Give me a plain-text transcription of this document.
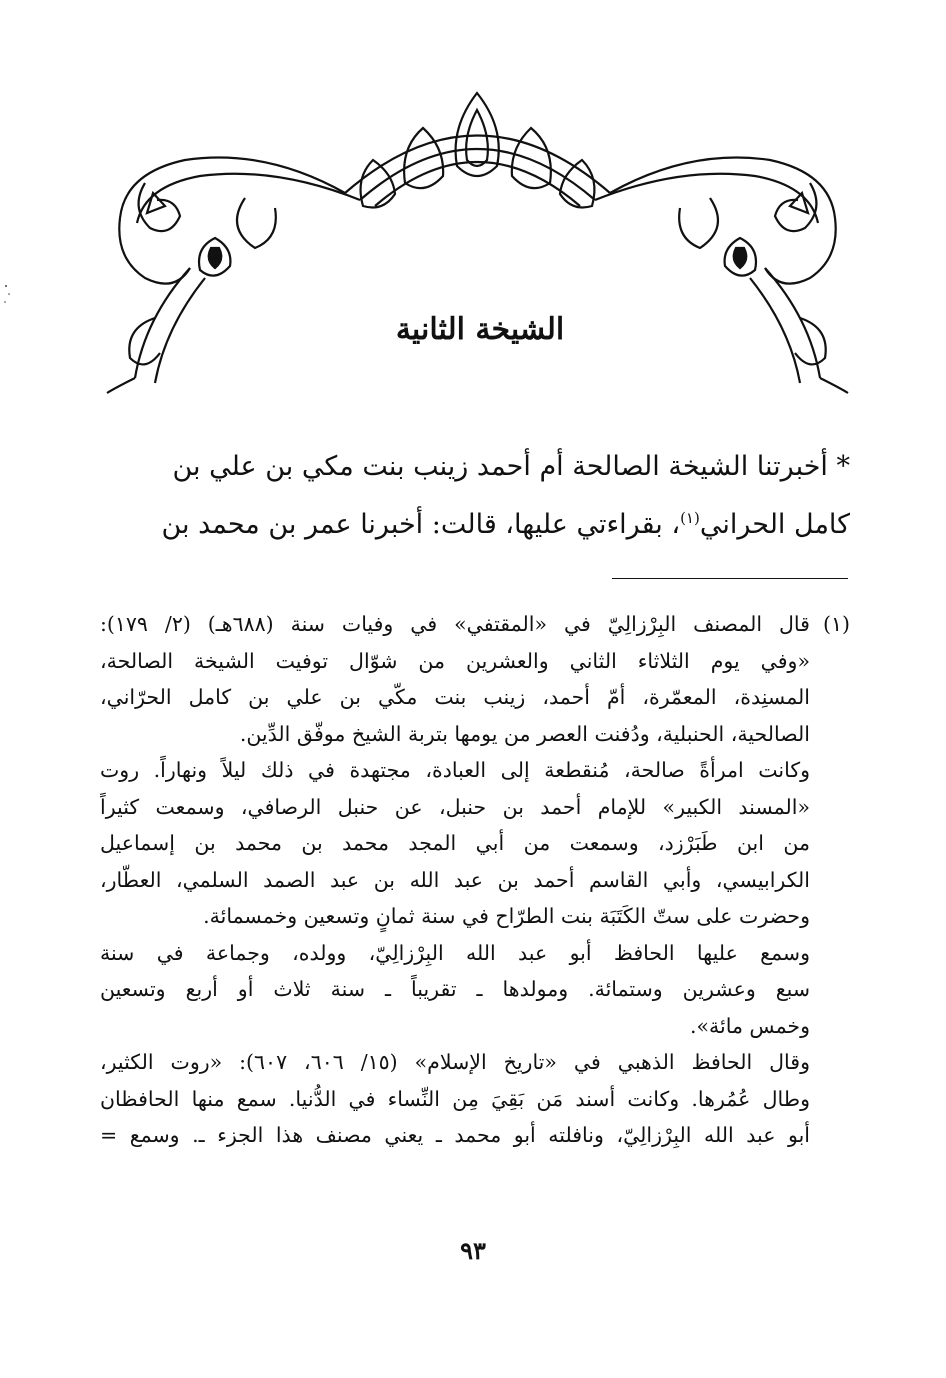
الشيخة الثانية
* أخبرتنا الشيخة الصالحة أم أحمد زينب بنت مكي بن علي بن
كامل الحراني$^{(١)}$، بقراءتي عليها، قالت: أخبرنا عمر بن محمد بن
(١)
قال المصنف البِرْزالِيّ في «المقتفي» في وفيات سنة (٦٨٨هـ) (٢/ ١٧٩):
«وفي يوم الثلاثاء الثاني والعشرين من شوّال توفيت الشيخة الصالحة،
المسنِدة، المعمّرة، أمّ أحمد، زينب بنت مكّي بن علي بن كامل الحرّاني،
الصالحية، الحنبلية، ودُفنت العصر من يومها بتربة الشيخ موفّق الدِّين.
وكانت امرأةً صالحة، مُنقطعة إلى العبادة، مجتهدة في ذلك ليلاً ونهاراً. روت
«المسند الكبير» للإمام أحمد بن حنبل، عن حنبل الرصافي، وسمعت كثيراً
من ابن طَبَرْزد، وسمعت من أبي المجد محمد بن محمد بن إسماعيل
الكرابيسي، وأبي القاسم أحمد بن عبد الله بن عبد الصمد السلمي، العطّار،
وحضرت على ستّ الكَتَبَة بنت الطرّاح في سنة ثمانٍ وتسعين وخمسمائة.
وسمع عليها الحافظ أبو عبد الله البِرْزالِيّ، وولده، وجماعة في سنة
سبع وعشرين وستمائة. ومولدها ـ تقريباً ـ سنة ثلاث أو أربع وتسعين
وخمس مائة».
وقال الحافظ الذهبي في «تاريخ الإسلام» (١٥/ ٦٠٦، ٦٠٧): «روت الكثير،
وطال عُمُرها. وكانت أسند مَن بَقِيَ مِن النِّساء في الدُّنيا. سمع منها الحافظان
أبو عبد الله البِرْزالِيّ، ونافلته أبو محمد ـ يعني مصنف هذا الجزء ـ. وسمع =
٩٣
